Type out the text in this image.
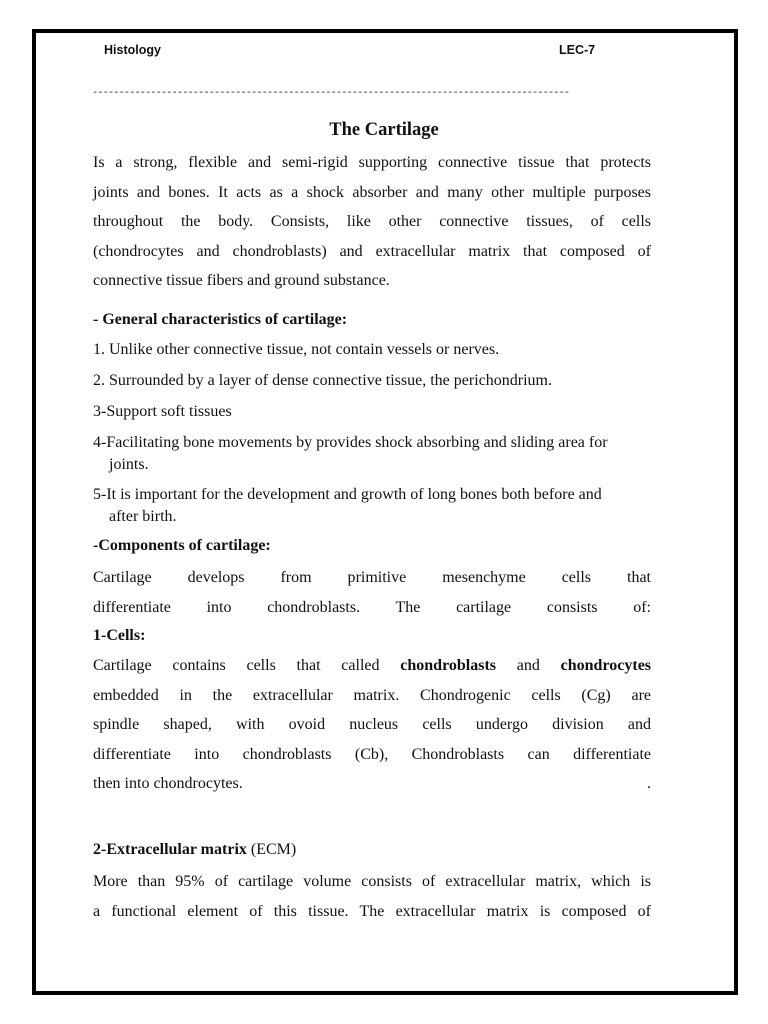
Histology	LEC-7
------------------------------------------------------------------------------------------
The Cartilage
Is a strong, flexible and semi-rigid supporting connective tissue that protects
joints and bones. It acts as a shock absorber and many other multiple purposes
throughout the body. Consists, like other connective tissues, of cells
(chondrocytes and chondroblasts) and extracellular matrix that composed of
connective tissue fibers and ground substance.
- General characteristics of cartilage:
1. Unlike other connective tissue, not contain vessels or nerves.
2. Surrounded by a layer of dense connective tissue, the perichondrium.
3-Support soft tissues
4-Facilitating bone movements by provides shock absorbing and sliding area for
joints.
5-It is important for the development and growth of long bones both before and
after birth.
-Components of cartilage:
Cartilage develops from primitive mesenchyme cells that
differentiate into chondroblasts. The cartilage consists of:
1-Cells:
Cartilage contains cells that called chondroblasts and chondrocytes
embedded in the extracellular matrix. Chondrogenic cells (Cg) are
spindle shaped, with ovoid nucleus cells undergo division and
differentiate into chondroblasts (Cb), Chondroblasts can differentiate
then into chondrocytes.	.
2-Extracellular matrix (ECM)
More than 95% of cartilage volume consists of extracellular matrix, which is
a functional element of this tissue. The extracellular matrix is composed of
